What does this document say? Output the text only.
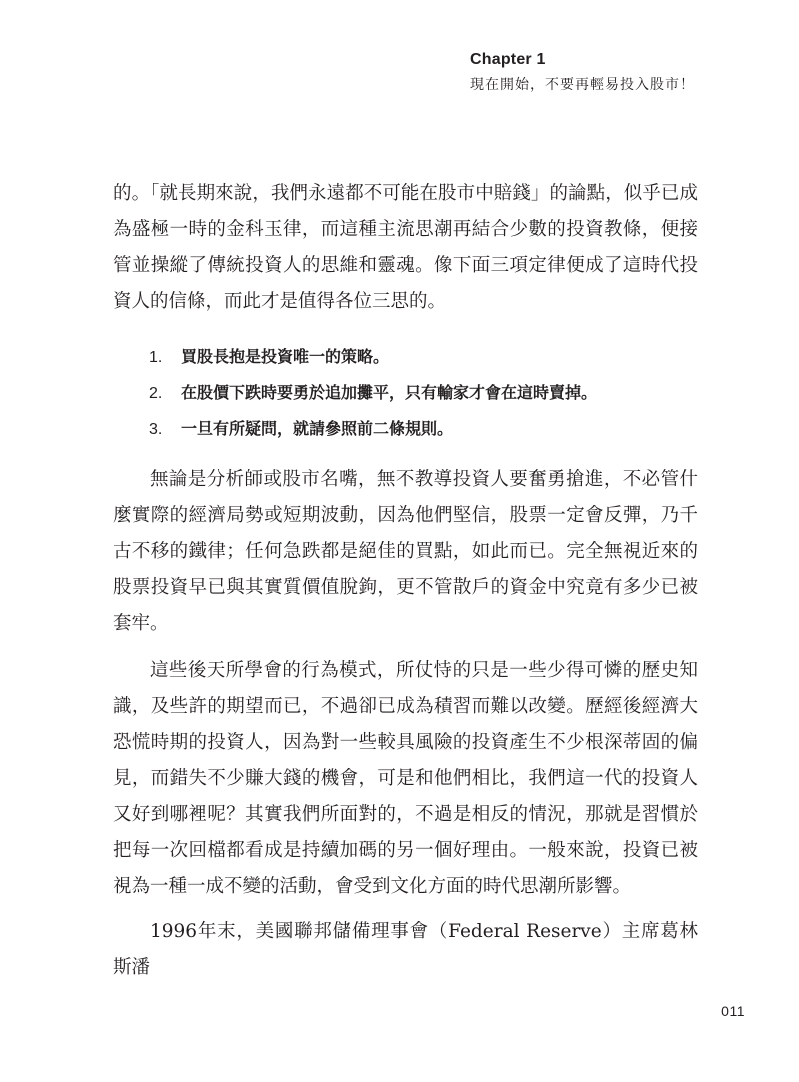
Chapter 1
現在開始，不要再輕易投入股市！

的。「就長期來說，我們永遠都不可能在股市中賠錢」的論點，似乎已成為盛極一時的金科玉律，而這種主流思潮再結合少數的投資教條，便接管並操縱了傳統投資人的思維和靈魂。像下面三項定律便成了這時代投資人的信條，而此才是值得各位三思的。

1. 買股長抱是投資唯一的策略。
2. 在股價下跌時要勇於追加攤平，只有輸家才會在這時賣掉。
3. 一旦有所疑問，就請參照前二條規則。

無論是分析師或股市名嘴，無不教導投資人要奮勇搶進，不必管什麼實際的經濟局勢或短期波動，因為他們堅信，股票一定會反彈，乃千古不移的鐵律；任何急跌都是絕佳的買點，如此而已。完全無視近來的股票投資早已與其實質價值脫鉤，更不管散戶的資金中究竟有多少已被套牢。

這些後天所學會的行為模式，所仗恃的只是一些少得可憐的歷史知識，及些許的期望而已，不過卻已成為積習而難以改變。歷經後經濟大恐慌時期的投資人，因為對一些較具風險的投資產生不少根深蒂固的偏見，而錯失不少賺大錢的機會，可是和他們相比，我們這一代的投資人又好到哪裡呢？其實我們所面對的，不過是相反的情況，那就是習慣於把每一次回檔都看成是持續加碼的另一個好理由。一般來說，投資已被視為一種一成不變的活動，會受到文化方面的時代思潮所影響。

1996年末，美國聯邦儲備理事會（Federal Reserve）主席葛林斯潘

011
